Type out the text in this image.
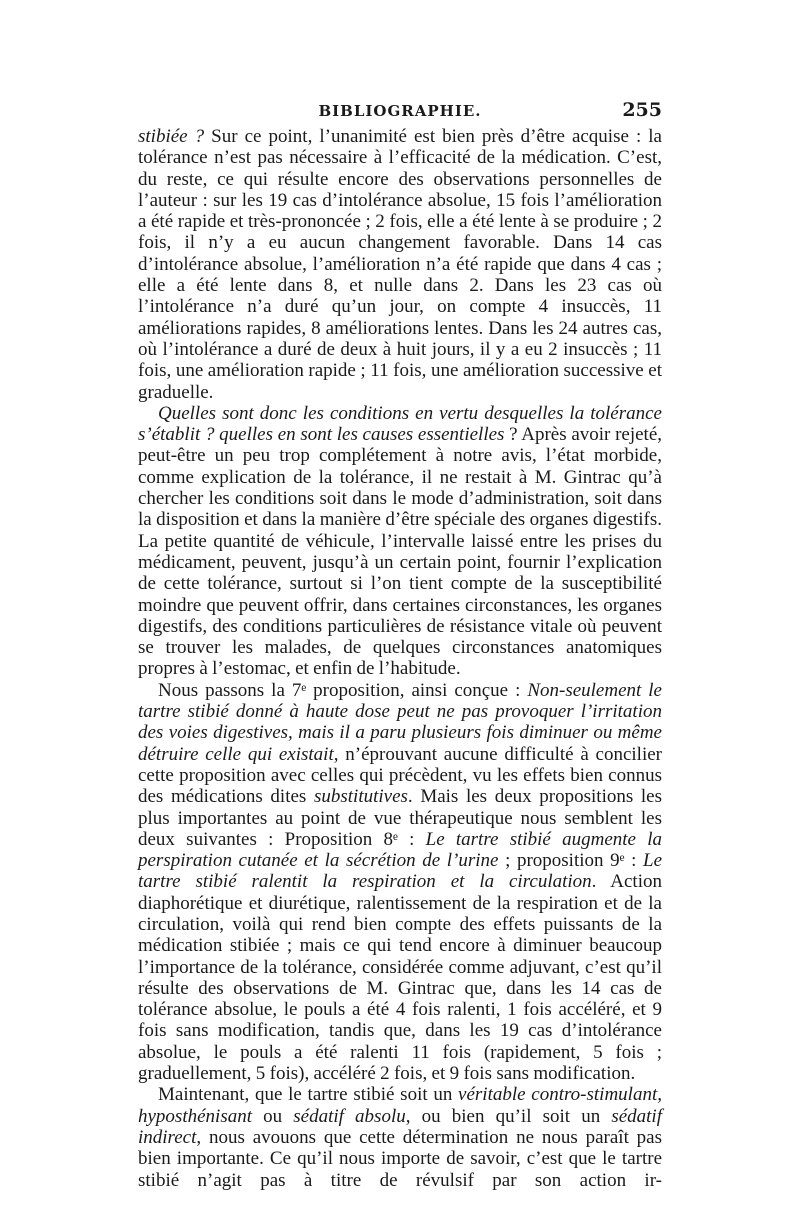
BIBLIOGRAPHIE.	255

stibiée ? Sur ce point, l’unanimité est bien près d’être acquise : la tolérance n’est pas nécessaire à l’efficacité de la médication. C’est, du reste, ce qui résulte encore des observations personnelles de l’auteur : sur les 19 cas d’intolérance absolue, 15 fois l’amélioration a été rapide et très-prononcée ; 2 fois, elle a été lente à se produire ; 2 fois, il n’y a eu aucun changement favorable. Dans 14 cas d’intolérance absolue, l’amélioration n’a été rapide que dans 4 cas ; elle a été lente dans 8, et nulle dans 2. Dans les 23 cas où l’intolérance n’a duré qu’un jour, on compte 4 insuccès, 11 améliorations rapides, 8 améliorations lentes. Dans les 24 autres cas, où l’intolérance a duré de deux à huit jours, il y a eu 2 insuccès ; 11 fois, une amélioration rapide ; 11 fois, une amélioration successive et graduelle.

Quelles sont donc les conditions en vertu desquelles la tolérance s’établit ? quelles en sont les causes essentielles ? Après avoir rejeté, peut-être un peu trop complétement à notre avis, l’état morbide, comme explication de la tolérance, il ne restait à M. Gintrac qu’à chercher les conditions soit dans le mode d’administration, soit dans la disposition et dans la manière d’être spéciale des organes digestifs. La petite quantité de véhicule, l’intervalle laissé entre les prises du médicament, peuvent, jusqu’à un certain point, fournir l’explication de cette tolérance, surtout si l’on tient compte de la susceptibilité moindre que peuvent offrir, dans certaines circonstances, les organes digestifs, des conditions particulières de résistance vitale où peuvent se trouver les malades, de quelques circonstances anatomiques propres à l’estomac, et enfin de l’habitude.

Nous passons la 7ᵉ proposition, ainsi conçue : Non-seulement le tartre stibié donné à haute dose peut ne pas provoquer l’irritation des voies digestives, mais il a paru plusieurs fois diminuer ou même détruire celle qui existait, n’éprouvant aucune difficulté à concilier cette proposition avec celles qui précèdent, vu les effets bien connus des médications dites substitutives. Mais les deux propositions les plus importantes au point de vue thérapeutique nous semblent les deux suivantes : Proposition 8ᵉ : Le tartre stibié augmente la perspiration cutanée et la sécrétion de l’urine ; proposition 9ᵉ : Le tartre stibié ralentit la respiration et la circulation. Action diaphorétique et diurétique, ralentissement de la respiration et de la circulation, voilà qui rend bien compte des effets puissants de la médication stibiée ; mais ce qui tend encore à diminuer beaucoup l’importance de la tolérance, considérée comme adjuvant, c’est qu’il résulte des observations de M. Gintrac que, dans les 14 cas de tolérance absolue, le pouls a été 4 fois ralenti, 1 fois accéléré, et 9 fois sans modification, tandis que, dans les 19 cas d’intolérance absolue, le pouls a été ralenti 11 fois (rapidement, 5 fois ; graduellement, 5 fois), accéléré 2 fois, et 9 fois sans modification.

Maintenant, que le tartre stibié soit un véritable contro-stimulant, hyposthénisant ou sédatif absolu, ou bien qu’il soit un sédatif indirect, nous avouons que cette détermination ne nous paraît pas bien importante. Ce qu’il nous importe de savoir, c’est que le tartre stibié n’agit pas à titre de révulsif par son action ir-
